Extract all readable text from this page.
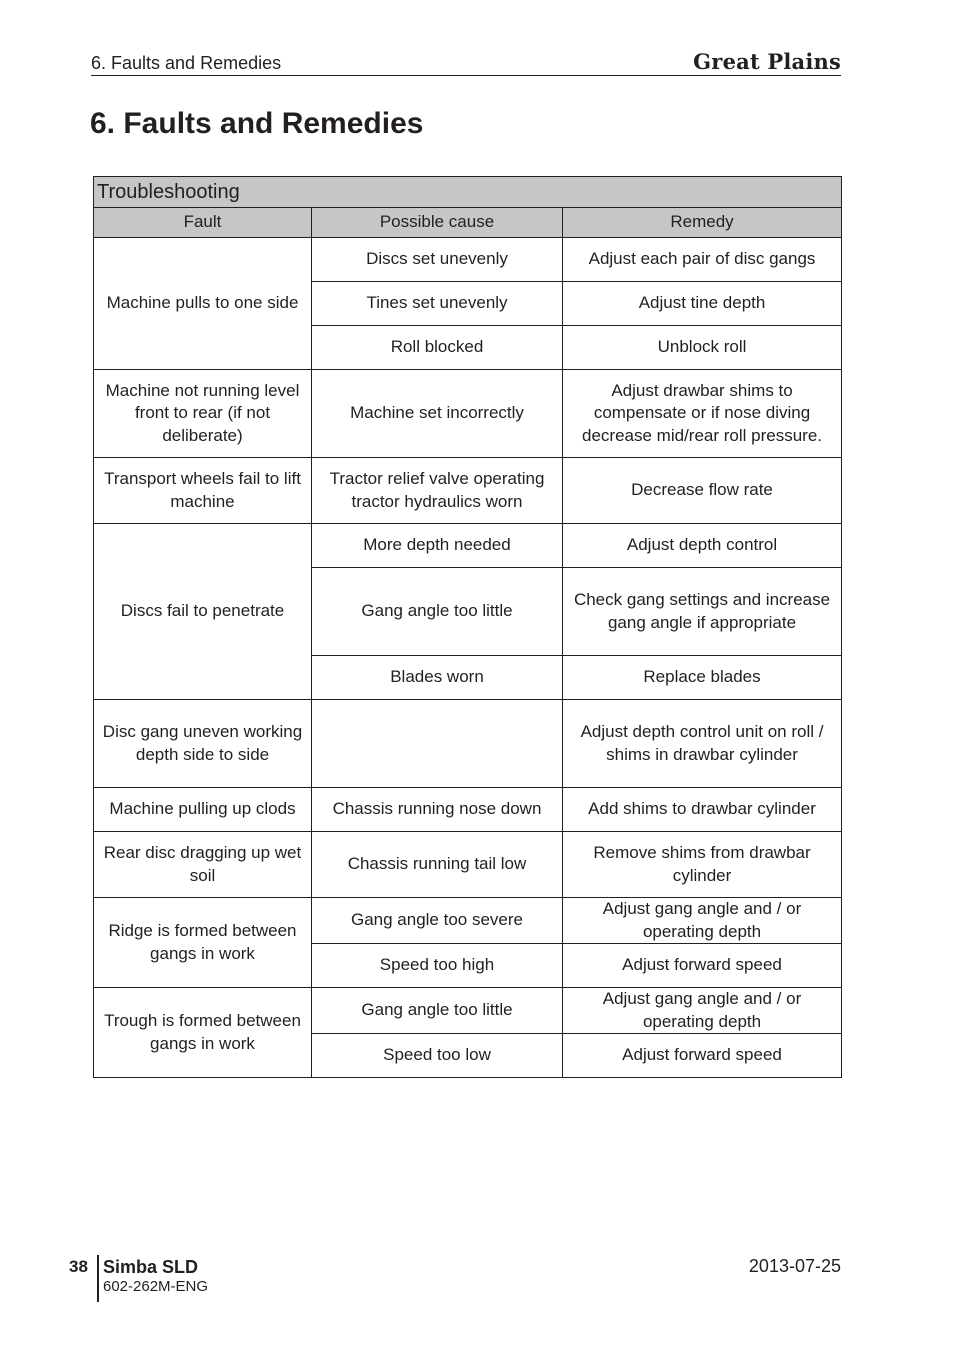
6. Faults and Remedies	Great Plains
6. Faults and Remedies
Troubleshooting		
Fault	Possible cause	Remedy
Machine pulls to one side	Discs set unevenly	Adjust each pair of disc gangs
	Tines set unevenly	Adjust tine depth
	Roll blocked	Unblock roll
Machine not running level front to rear (if not deliberate)	Machine set incorrectly	Adjust drawbar shims to compensate or if nose diving decrease mid/rear roll pressure.
Transport wheels fail to lift machine	Tractor relief valve operating tractor hydraulics worn	Decrease flow rate
Discs fail to penetrate	More depth needed	Adjust depth control
	Gang angle too little	Check gang settings and increase gang angle if appropriate
	Blades worn	Replace blades
Disc gang uneven working depth side to side		Adjust depth control unit on roll / shims in drawbar cylinder
Machine pulling up clods	Chassis running nose down	Add shims to drawbar cylinder
Rear disc dragging up wet soil	Chassis running tail low	Remove shims from drawbar cylinder
Ridge is formed between gangs in work	Gang angle too severe	Adjust gang angle and / or operating depth
	Speed too high	Adjust forward speed
Trough is formed between gangs in work	Gang angle too little	Adjust gang angle and / or operating depth
	Speed too low	Adjust forward speed
38 Simba SLD
602-262M-ENG
2013-07-25
